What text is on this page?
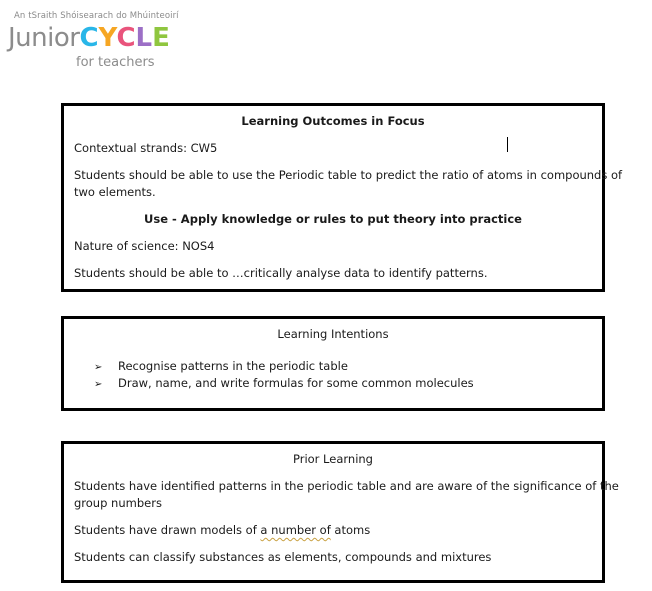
An tSraith Shóisearach do Mhúinteoirí
JuniorCYCLE
for teachers
Learning Outcomes in Focus
Contextual strands: CW5
Students should be able to use the Periodic table to predict the ratio of atoms in compounds of
two elements.
Use - Apply knowledge or rules to put theory into practice
Nature of science: NOS4
Students should be able to …critically analyse data to identify patterns.
Learning Intentions
➢ Recognise patterns in the periodic table
➢ Draw, name, and write formulas for some common molecules
Prior Learning
Students have identified patterns in the periodic table and are aware of the significance of the
group numbers
Students have drawn models of a number of atoms
Students can classify substances as elements, compounds and mixtures
